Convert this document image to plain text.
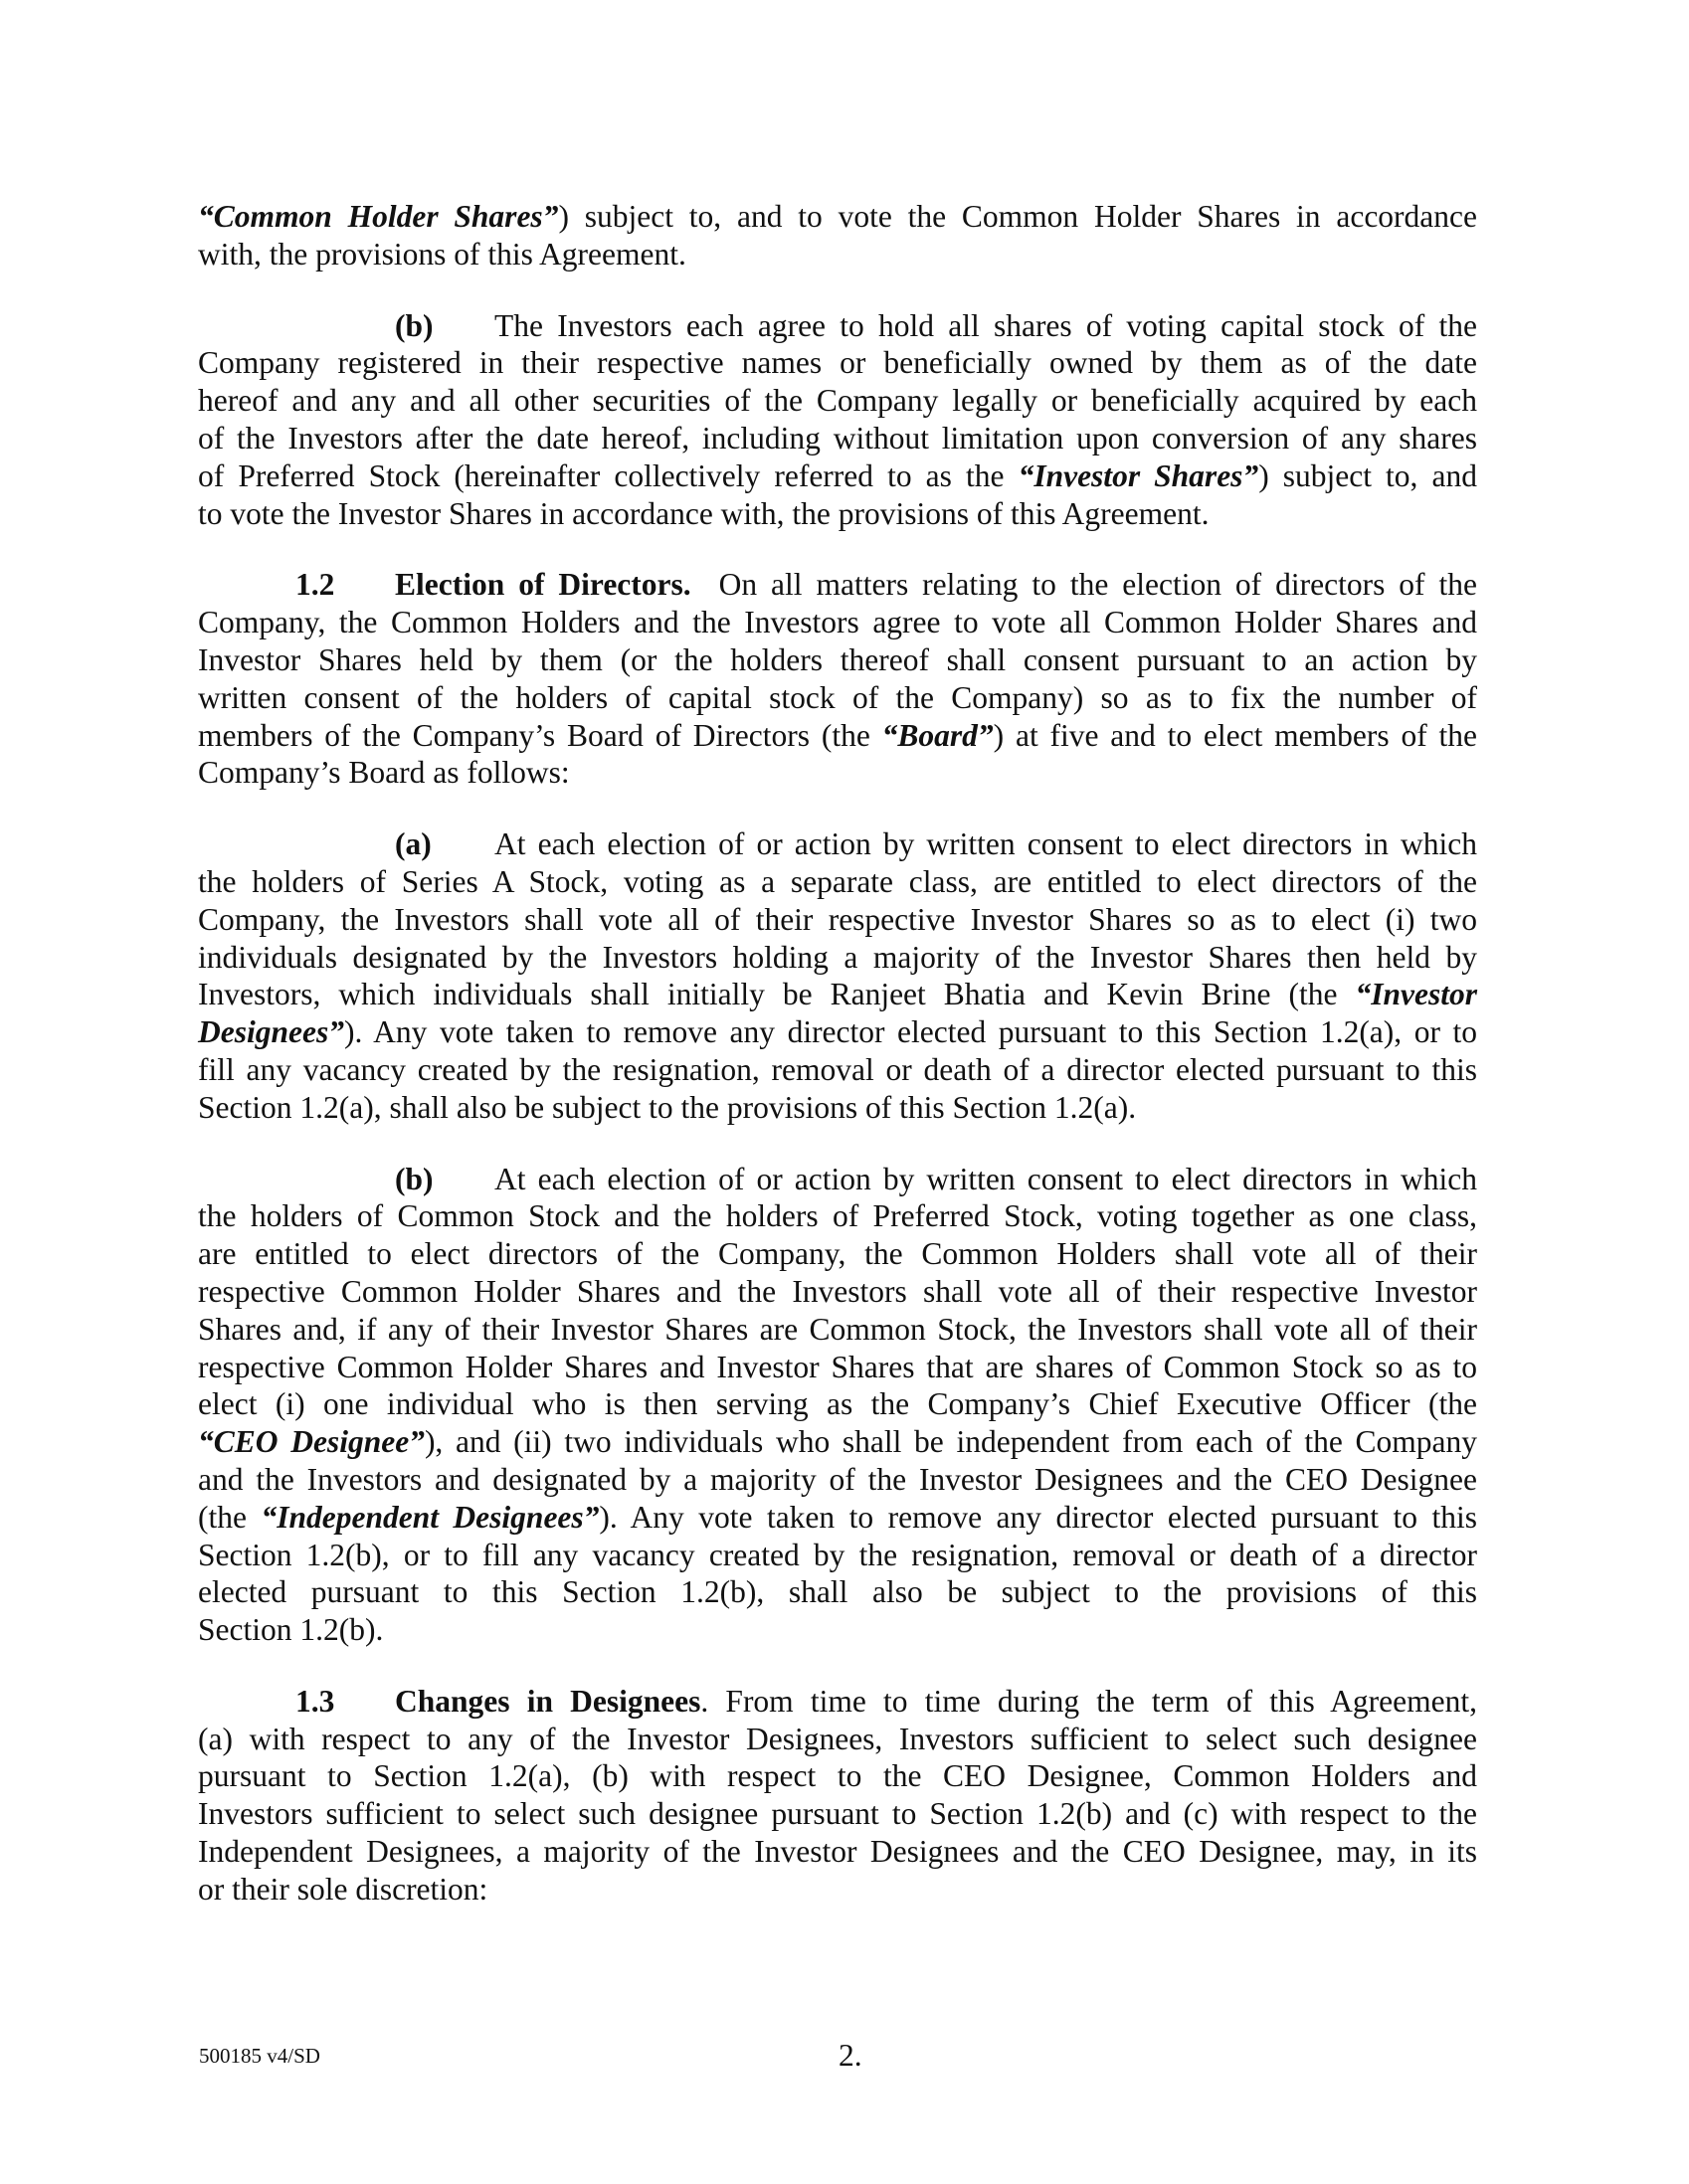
“Common Holder Shares”) subject to, and to vote the Common Holder Shares in accordance
with, the provisions of this Agreement.
(b) The Investors each agree to hold all shares of voting capital stock of the
Company registered in their respective names or beneficially owned by them as of the date
hereof and any and all other securities of the Company legally or beneficially acquired by each
of the Investors after the date hereof, including without limitation upon conversion of any shares
of Preferred Stock (hereinafter collectively referred to as the “Investor Shares”) subject to, and
to vote the Investor Shares in accordance with, the provisions of this Agreement.
1.2 Election of Directors. On all matters relating to the election of directors of the
Company, the Common Holders and the Investors agree to vote all Common Holder Shares and
Investor Shares held by them (or the holders thereof shall consent pursuant to an action by
written consent of the holders of capital stock of the Company) so as to fix the number of
members of the Company’s Board of Directors (the “Board”) at five and to elect members of the
Company’s Board as follows:
(a) At each election of or action by written consent to elect directors in which
the holders of Series A Stock, voting as a separate class, are entitled to elect directors of the
Company, the Investors shall vote all of their respective Investor Shares so as to elect (i) two
individuals designated by the Investors holding a majority of the Investor Shares then held by
Investors, which individuals shall initially be Ranjeet Bhatia and Kevin Brine (the “Investor
Designees”). Any vote taken to remove any director elected pursuant to this Section 1.2(a), or to
fill any vacancy created by the resignation, removal or death of a director elected pursuant to this
Section 1.2(a), shall also be subject to the provisions of this Section 1.2(a).
(b) At each election of or action by written consent to elect directors in which
the holders of Common Stock and the holders of Preferred Stock, voting together as one class,
are entitled to elect directors of the Company, the Common Holders shall vote all of their
respective Common Holder Shares and the Investors shall vote all of their respective Investor
Shares and, if any of their Investor Shares are Common Stock, the Investors shall vote all of their
respective Common Holder Shares and Investor Shares that are shares of Common Stock so as to
elect (i) one individual who is then serving as the Company’s Chief Executive Officer (the
“CEO Designee”), and (ii) two individuals who shall be independent from each of the Company
and the Investors and designated by a majority of the Investor Designees and the CEO Designee
(the “Independent Designees”). Any vote taken to remove any director elected pursuant to this
Section 1.2(b), or to fill any vacancy created by the resignation, removal or death of a director
elected pursuant to this Section 1.2(b), shall also be subject to the provisions of this
Section 1.2(b).
1.3 Changes in Designees. From time to time during the term of this Agreement,
(a) with respect to any of the Investor Designees, Investors sufficient to select such designee
pursuant to Section 1.2(a), (b) with respect to the CEO Designee, Common Holders and
Investors sufficient to select such designee pursuant to Section 1.2(b) and (c) with respect to the
Independent Designees, a majority of the Investor Designees and the CEO Designee, may, in its
or their sole discretion:
500185 v4/SD	2.
